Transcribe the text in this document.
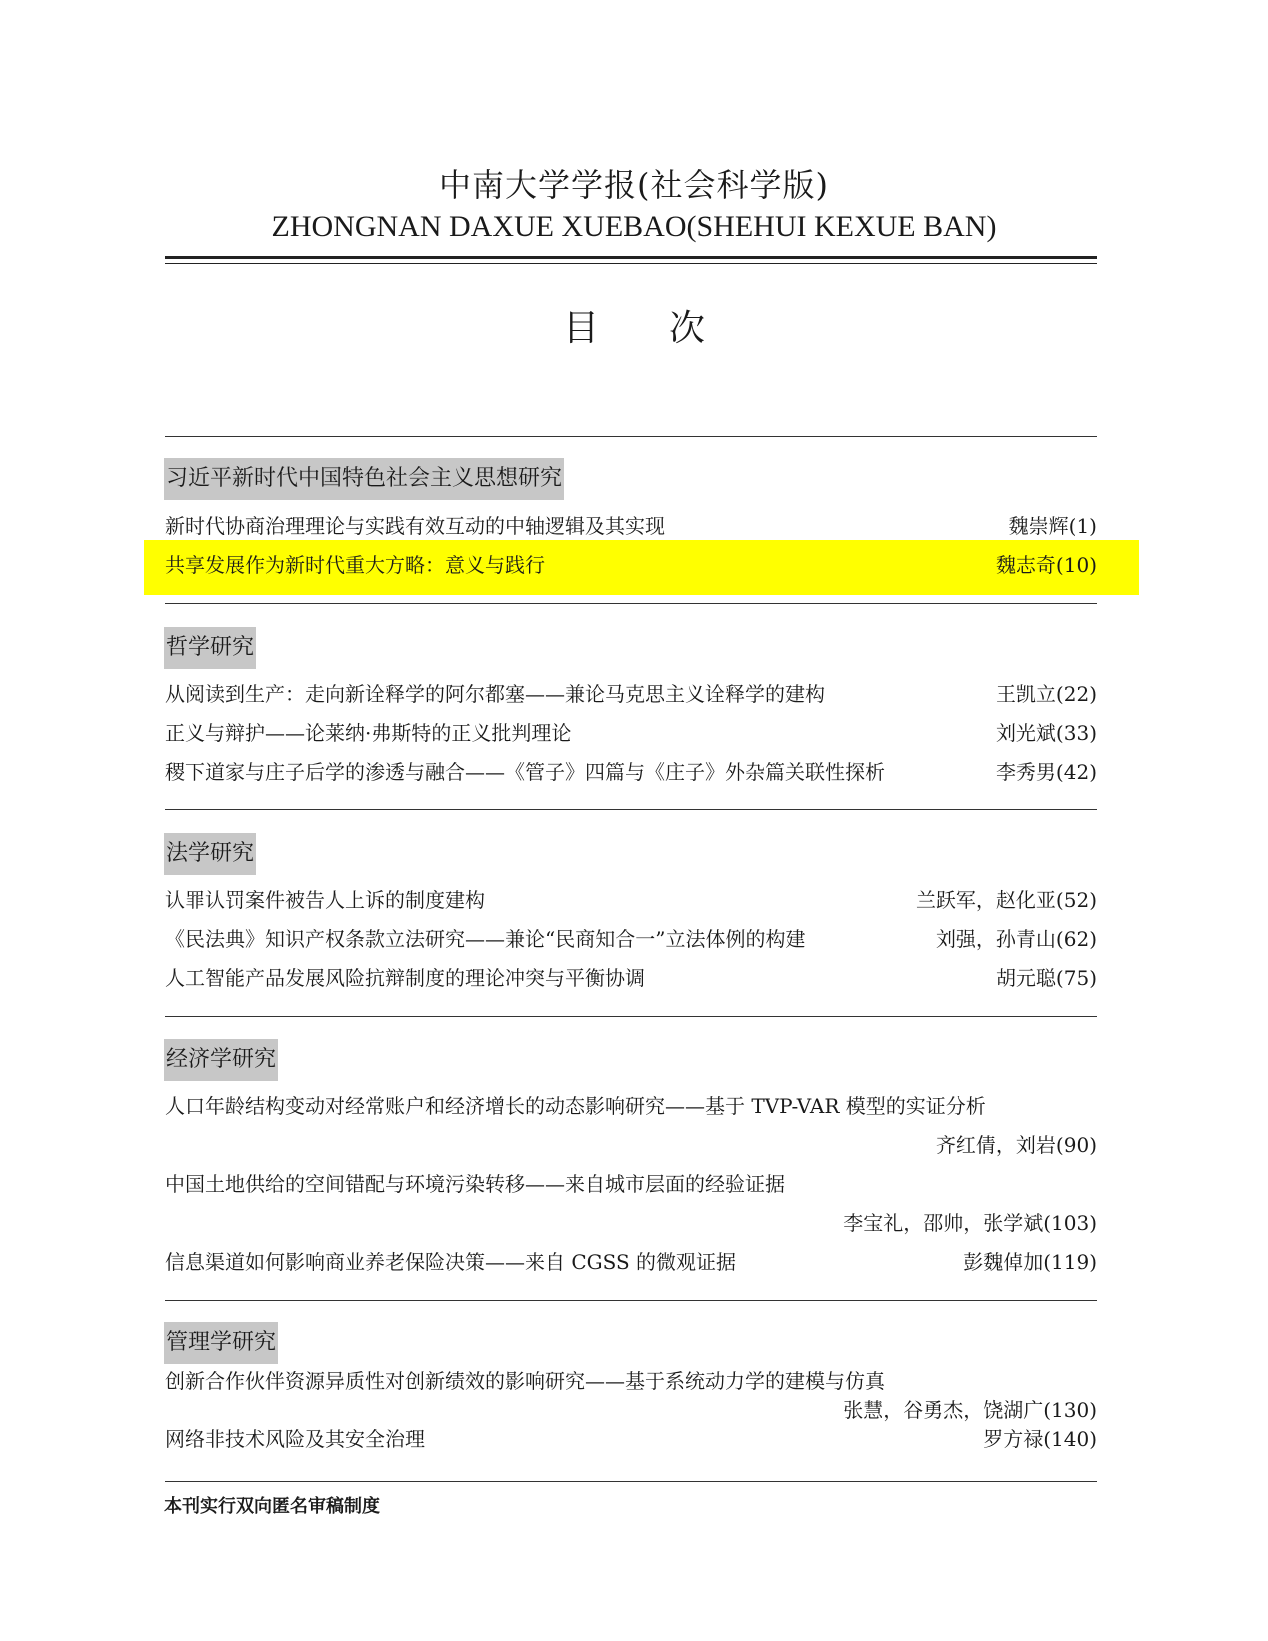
中南大学学报(社会科学版)
ZHONGNAN DAXUE XUEBAO(SHEHUI KEXUE BAN)
目 次
习近平新时代中国特色社会主义思想研究
新时代协商治理理论与实践有效互动的中轴逻辑及其实现	魏崇辉(1)
共享发展作为新时代重大方略：意义与践行	魏志奇(10)
哲学研究
从阅读到生产：走向新诠释学的阿尔都塞——兼论马克思主义诠释学的建构	王凯立(22)
正义与辩护——论莱纳·弗斯特的正义批判理论	刘光斌(33)
稷下道家与庄子后学的渗透与融合——《管子》四篇与《庄子》外杂篇关联性探析	李秀男(42)
法学研究
认罪认罚案件被告人上诉的制度建构	兰跃军，赵化亚(52)
《民法典》知识产权条款立法研究——兼论“民商知合一”立法体例的构建	刘强，孙青山(62)
人工智能产品发展风险抗辩制度的理论冲突与平衡协调	胡元聪(75)
经济学研究
人口年龄结构变动对经常账户和经济增长的动态影响研究——基于 TVP-VAR 模型的实证分析
齐红倩，刘岩(90)
中国土地供给的空间错配与环境污染转移——来自城市层面的经验证据
李宝礼，邵帅，张学斌(103)
信息渠道如何影响商业养老保险决策——来自 CGSS 的微观证据	彭魏倬加(119)
管理学研究
创新合作伙伴资源异质性对创新绩效的影响研究——基于系统动力学的建模与仿真
张慧，谷勇杰，饶湖广(130)
网络非技术风险及其安全治理	罗方禄(140)
本刊实行双向匿名审稿制度
